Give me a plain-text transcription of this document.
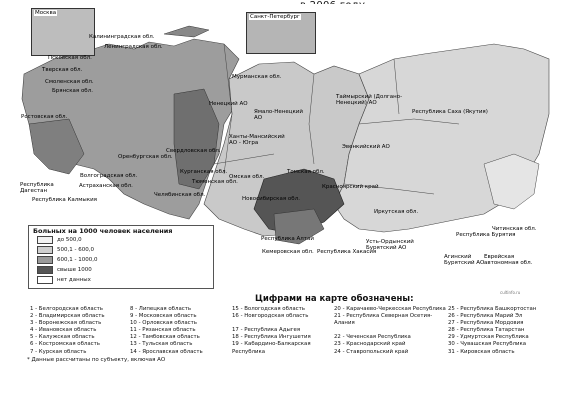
Москва
Санкт-Петербург
Калининградская обл.
Ленинградская обл.
Псковская обл.
Тверская обл.
Смоленская обл.
Брянская обл.
Ростовская обл.
Республика Дагестан
Республика Калмыкия
Астраханская обл.
Волгоградская обл.
Оренбургская обл.
Челябинская обл.
Курганская обл.
Свердловская обл.
Тюменская обл.
Ханты-Мансийский АО - Югра
Ямало-Ненецкий АО
Ненецкий АО
Мурманская обл.
Таймырский (Долгано-Ненецкий) АО
Эвенкийский АО
Республика Саха (Якутия)
Томская обл.
Омская обл.
Новосибирская обл.
Кемеровская обл.
Республика Алтай
Республика Хакасия
Красноярский край
Иркутская обл.
Усть-Ордынский Бурятский АО
Республика Бурятия
Агинский Бурятский АО
Читинская обл.
Еврейская автономная обл.
Больных на 1000 человек населения
до 500,0
500,1 - 600,0
600,1 - 1000,0
свыше 1000
нет данных
cultinfo.ru
Цифрами на карте обозначены:
1 - Белгородская область
2 - Владимирская область
3 - Воронежская область
4 - Ивановская область
5 - Калужская область
6 - Костромская область
7 - Курская область
8 - Липецкая область
9 - Московская область
10 - Орловская область
11 - Рязанская область
12 - Тамбовская область
13 - Тульская область
14 - Ярославская область
15 - Вологодская область
16 - Новгородская область

17 - Республика Адыгея
18 - Республика Ингушетия
19 - Кабардино-Балкарская Республика
20 - Карачаево-Черкесская Республика
21 - Республика Северная Осетия-Алания

22 - Чеченская Республика
23 - Краснодарский край
24 - Ставропольский край
25 - Республика Башкортостан
26 - Республика Марий Эл
27 - Республика Мордовия
28 - Республика Татарстан
29 - Удмуртская Республика
30 - Чувашская Республика
31 - Кировская область
* Данные рассчитаны по субъекту, включая АО
